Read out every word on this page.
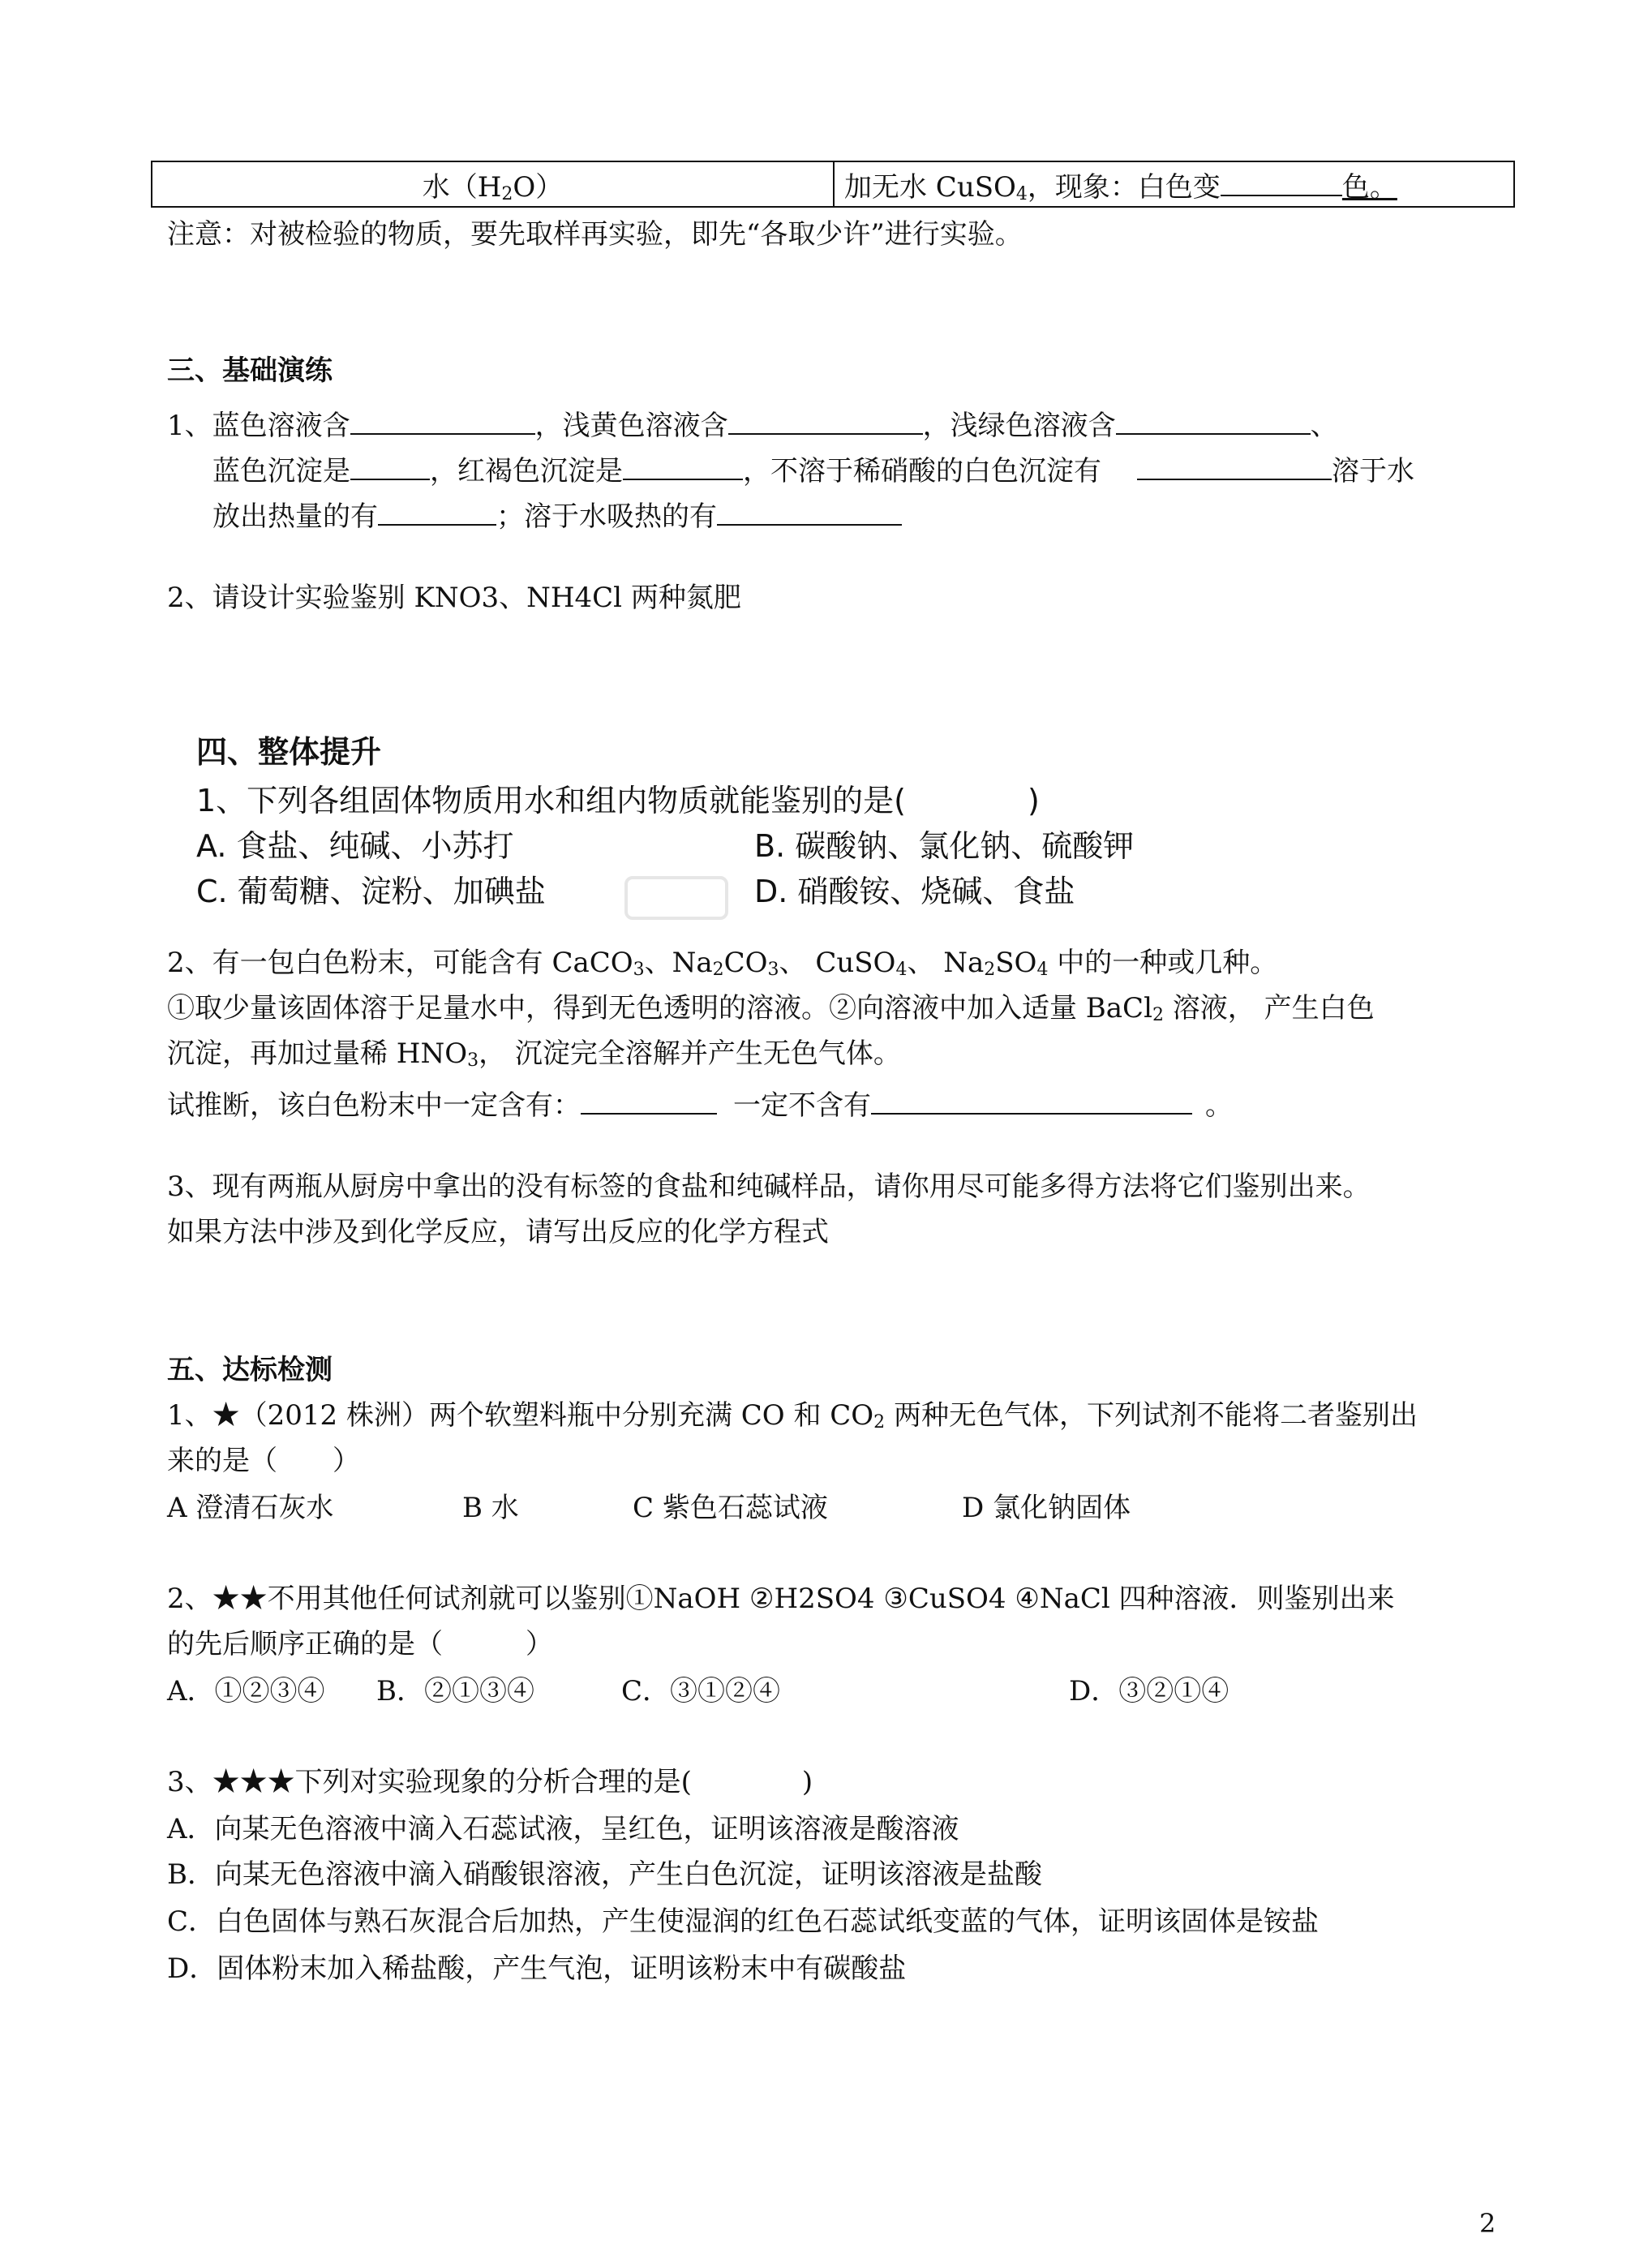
水$(H_2O)$	加无水 CuSO$_4$，现象：白色变	色。
注意：对被检验的物质，要先取样再实验，即先“各取少许”进行实验。
三、基础演练
1、蓝色溶液含	，浅黄色溶液含	，浅绿色溶液含	、
蓝色沉淀是	，红褐色沉淀是	，不溶于稀硝酸的白色沉淀有	溶于水
放出热量的有	；溶于水吸热的有
2、请设计实验鉴别 KNO3、NH4Cl 两种氮肥
四、整体提升
1、下列各组固体物质用水和组内物质就能鉴别的是(	)
A. 食盐、纯碱、小苏打	B. 碳酸钠、氯化钠、硫酸钾
C. 葡萄糖、淀粉、加碘盐	D. 硝酸铵、烧碱、食盐
2、有一包白色粉末，可能含有 CaCO$_3$、$Na_2CO_3$、 CuSO$_4$、 $Na_2SO_4$ 中的一种或几种。
①取少量该固体溶于足量水中，得到无色透明的溶液。②向溶液中加入适量 BaCl$_2$ 溶液， 产生白色
沉淀，再加过量稀 $HNO_3$， 沉淀完全溶解并产生无色气体。
试推断，该白色粉末中一定含有：	一定不含有	。
3、现有两瓶从厨房中拿出的没有标签的食盐和纯碱样品，请你用尽可能多得方法将它们鉴别出来。
如果方法中涉及到化学反应，请写出反应的化学方程式
五、达标检测
1、★（2012 株洲）两个软塑料瓶中分别充满 CO 和 $CO_2$ 两种无色气体，下列试剂不能将二者鉴别出
来的是（　　）
A 澄清石灰水	B 水	C 紫色石蕊试液	D 氯化钠固体
2、★★不用其他任何试剂就可以鉴别①NaOH ②H2SO4 ③CuSO4 ④NaCl 四种溶液．则鉴别出来
的先后顺序正确的是（　　　）
A．①②③④ B．②①③④	C．③①②④	D．③②①④
3、★★★下列对实验现象的分析合理的是(　　　　)
A．向某无色溶液中滴入石蕊试液，呈红色，证明该溶液是酸溶液
B．向某无色溶液中滴入硝酸银溶液，产生白色沉淀，证明该溶液是盐酸
C．白色固体与熟石灰混合后加热，产生使湿润的红色石蕊试纸变蓝的气体，证明该固体是铵盐
D．固体粉末加入稀盐酸，产生气泡，证明该粉末中有碳酸盐
2
